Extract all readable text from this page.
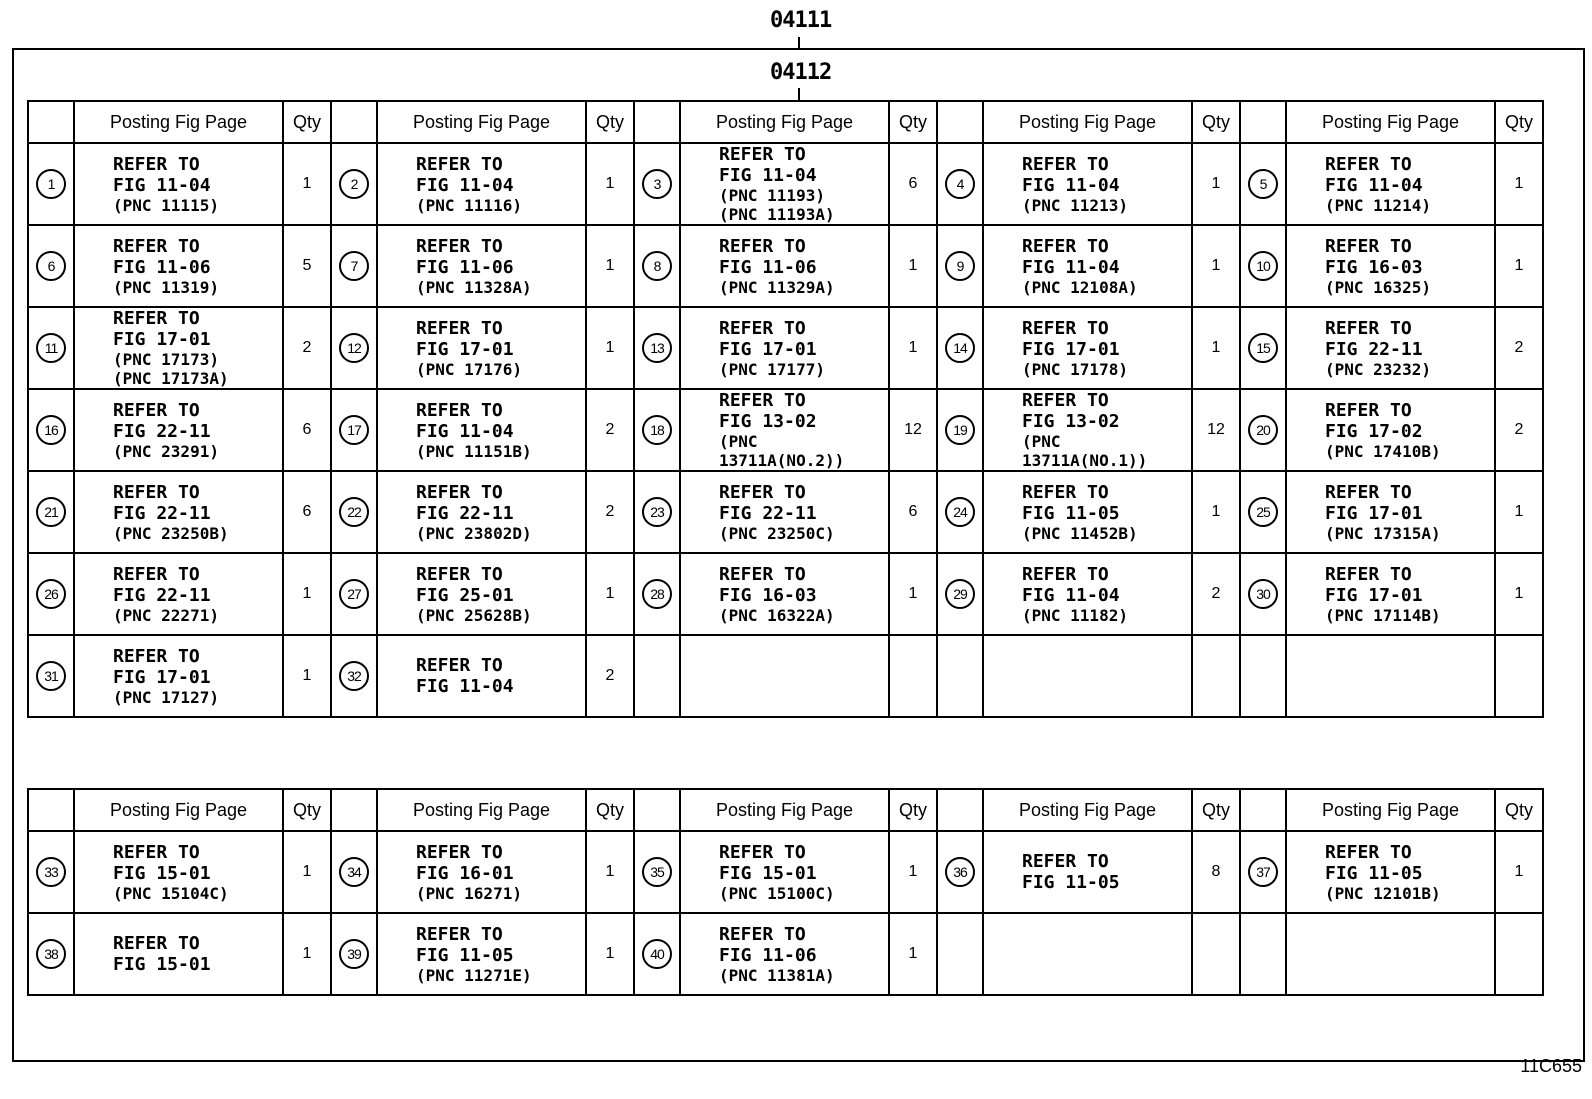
04111
04112
	Posting Fig Page	Qty		Posting Fig Page	Qty		Posting Fig Page	Qty		Posting Fig Page	Qty		Posting Fig Page	Qty
1	REFER TO
FIG 11-04
(PNC 11115)	1	2	REFER TO
FIG 11-04
(PNC 11116)	1	3	REFER TO
FIG 11-04
(PNC 11193)
(PNC 11193A)	6	4	REFER TO
FIG 11-04
(PNC 11213)	1	5	REFER TO
FIG 11-04
(PNC 11214)	1
6	REFER TO
FIG 11-06
(PNC 11319)	5	7	REFER TO
FIG 11-06
(PNC 11328A)	1	8	REFER TO
FIG 11-06
(PNC 11329A)	1	9	REFER TO
FIG 11-04
(PNC 12108A)	1	10	REFER TO
FIG 16-03
(PNC 16325)	1
11	REFER TO
FIG 17-01
(PNC 17173)
(PNC 17173A)	2	12	REFER TO
FIG 17-01
(PNC 17176)	1	13	REFER TO
FIG 17-01
(PNC 17177)	1	14	REFER TO
FIG 17-01
(PNC 17178)	1	15	REFER TO
FIG 22-11
(PNC 23232)	2
16	REFER TO
FIG 22-11
(PNC 23291)	6	17	REFER TO
FIG 11-04
(PNC 11151B)	2	18	REFER TO
FIG 13-02
(PNC 13711A(NO.2))	12	19	REFER TO
FIG 13-02
(PNC 13711A(NO.1))	12	20	REFER TO
FIG 17-02
(PNC 17410B)	2
21	REFER TO
FIG 22-11
(PNC 23250B)	6	22	REFER TO
FIG 22-11
(PNC 23802D)	2	23	REFER TO
FIG 22-11
(PNC 23250C)	6	24	REFER TO
FIG 11-05
(PNC 11452B)	1	25	REFER TO
FIG 17-01
(PNC 17315A)	1
26	REFER TO
FIG 22-11
(PNC 22271)	1	27	REFER TO
FIG 25-01
(PNC 25628B)	1	28	REFER TO
FIG 16-03
(PNC 16322A)	1	29	REFER TO
FIG 11-04
(PNC 11182)	2	30	REFER TO
FIG 17-01
(PNC 17114B)	1
31	REFER TO
FIG 17-01
(PNC 17127)	1	32	REFER TO
FIG 11-04	2									
	Posting Fig Page	Qty		Posting Fig Page	Qty		Posting Fig Page	Qty		Posting Fig Page	Qty		Posting Fig Page	Qty
33	REFER TO
FIG 15-01
(PNC 15104C)	1	34	REFER TO
FIG 16-01
(PNC 16271)	1	35	REFER TO
FIG 15-01
(PNC 15100C)	1	36	REFER TO
FIG 11-05	8	37	REFER TO
FIG 11-05
(PNC 12101B)	1
38	REFER TO
FIG 15-01	1	39	REFER TO
FIG 11-05
(PNC 11271E)	1	40	REFER TO
FIG 11-06
(PNC 11381A)	1						
11C655
